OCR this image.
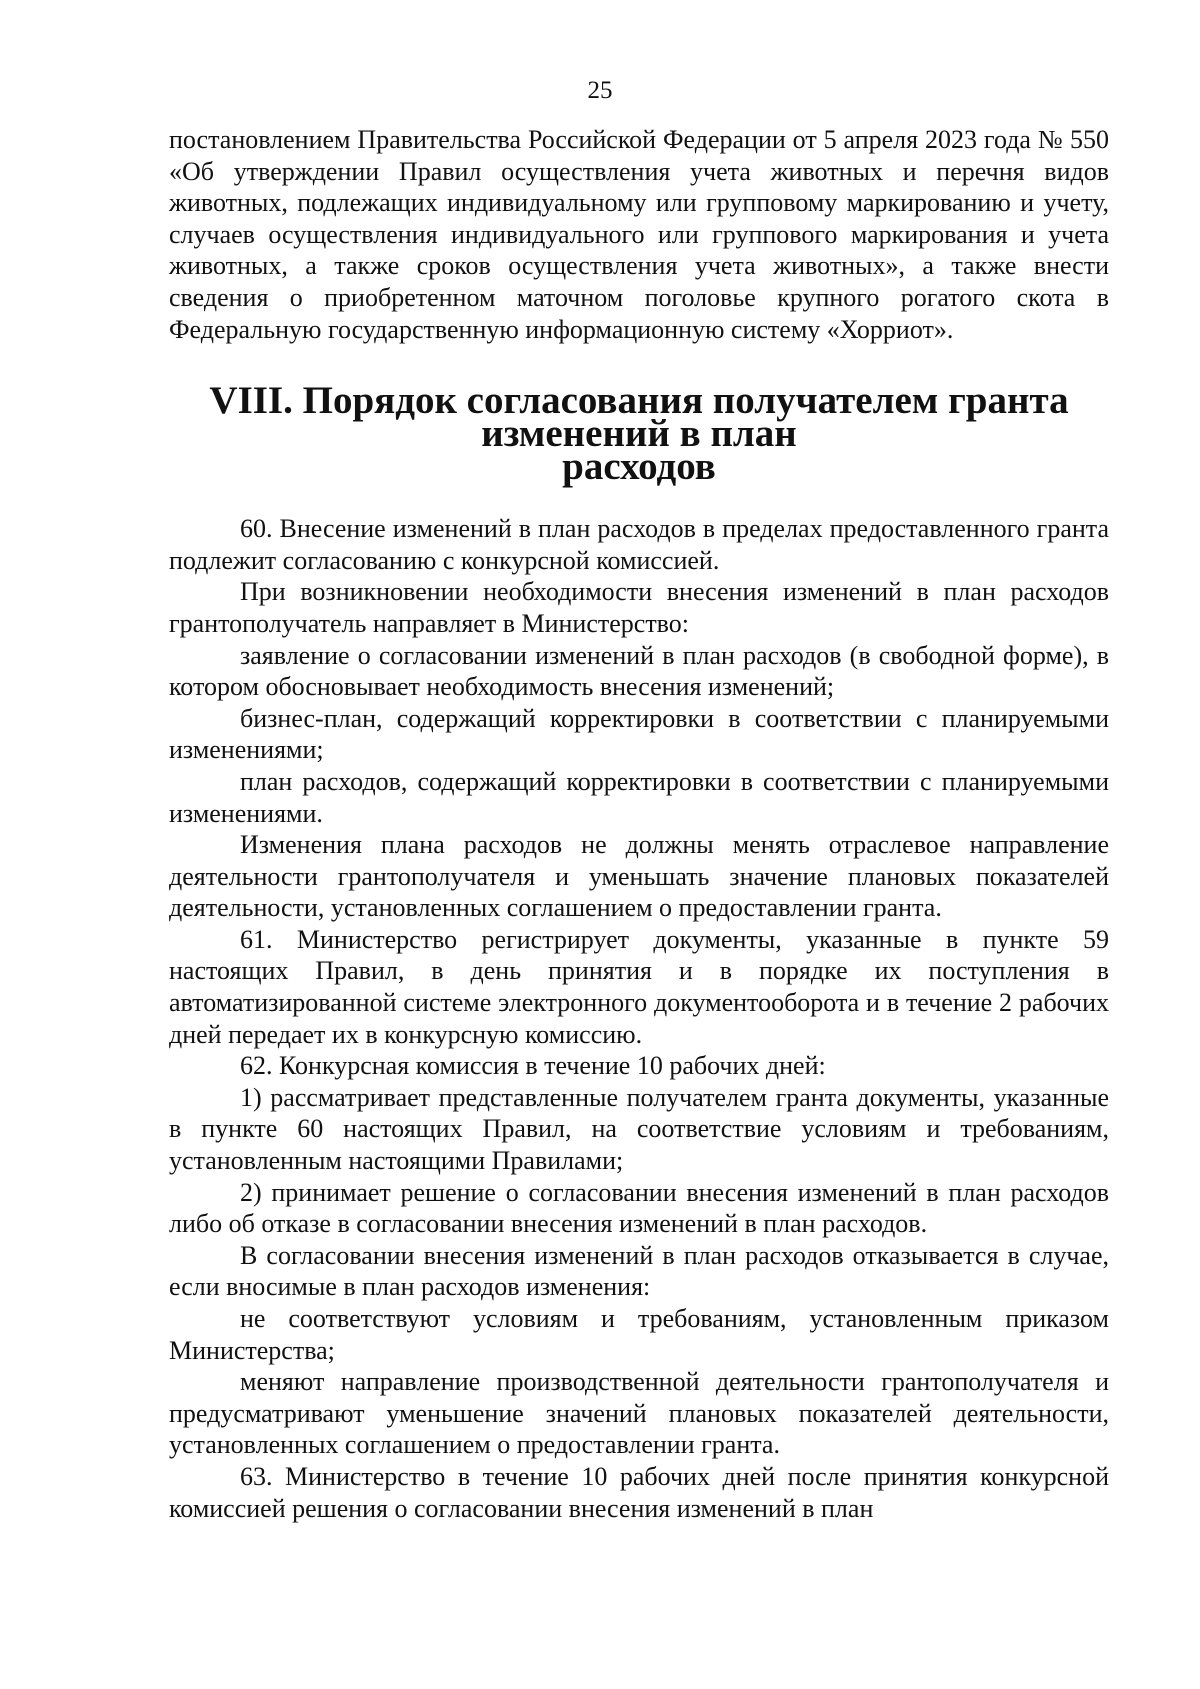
25

постановлением Правительства Российской Федерации от 5 апреля 2023 года № 550 «Об утверждении Правил осуществления учета животных и перечня видов животных, подлежащих индивидуальному или групповому маркированию и учету, случаев осуществления индивидуального или группового маркирования и учета животных, а также сроков осуществления учета животных», а также внести сведения о приобретенном маточном поголовье крупного рогатого скота в Федеральную государственную информационную систему «Хорриот».

VIII. Порядок согласования получателем гранта изменений в план
расходов

60. Внесение изменений в план расходов в пределах предоставленного гранта подлежит согласованию с конкурсной комиссией.

При возникновении необходимости внесения изменений в план расходов грантополучатель направляет в Министерство:

заявление о согласовании изменений в план расходов (в свободной форме), в котором обосновывает необходимость внесения изменений;

бизнес-план, содержащий корректировки в соответствии с планируемыми изменениями;

план расходов, содержащий корректировки в соответствии с планируемыми изменениями.

Изменения плана расходов не должны менять отраслевое направление деятельности грантополучателя и уменьшать значение плановых показателей деятельности, установленных соглашением о предоставлении гранта.

61. Министерство регистрирует документы, указанные в пункте 59 настоящих Правил, в день принятия и в порядке их поступления в автоматизированной системе электронного документооборота и в течение 2 рабочих дней передает их в конкурсную комиссию.

62. Конкурсная комиссия в течение 10 рабочих дней:

1) рассматривает представленные получателем гранта документы, указанные в пункте 60 настоящих Правил, на соответствие условиям и требованиям, установленным настоящими Правилами;

2) принимает решение о согласовании внесения изменений в план расходов либо об отказе в согласовании внесения изменений в план расходов.

В согласовании внесения изменений в план расходов отказывается в случае, если вносимые в план расходов изменения:

не соответствуют условиям и требованиям, установленным приказом Министерства;

меняют направление производственной деятельности грантополучателя и предусматривают уменьшение значений плановых показателей деятельности, установленных соглашением о предоставлении гранта.

63. Министерство в течение 10 рабочих дней после принятия конкурсной комиссией решения о согласовании внесения изменений в план
